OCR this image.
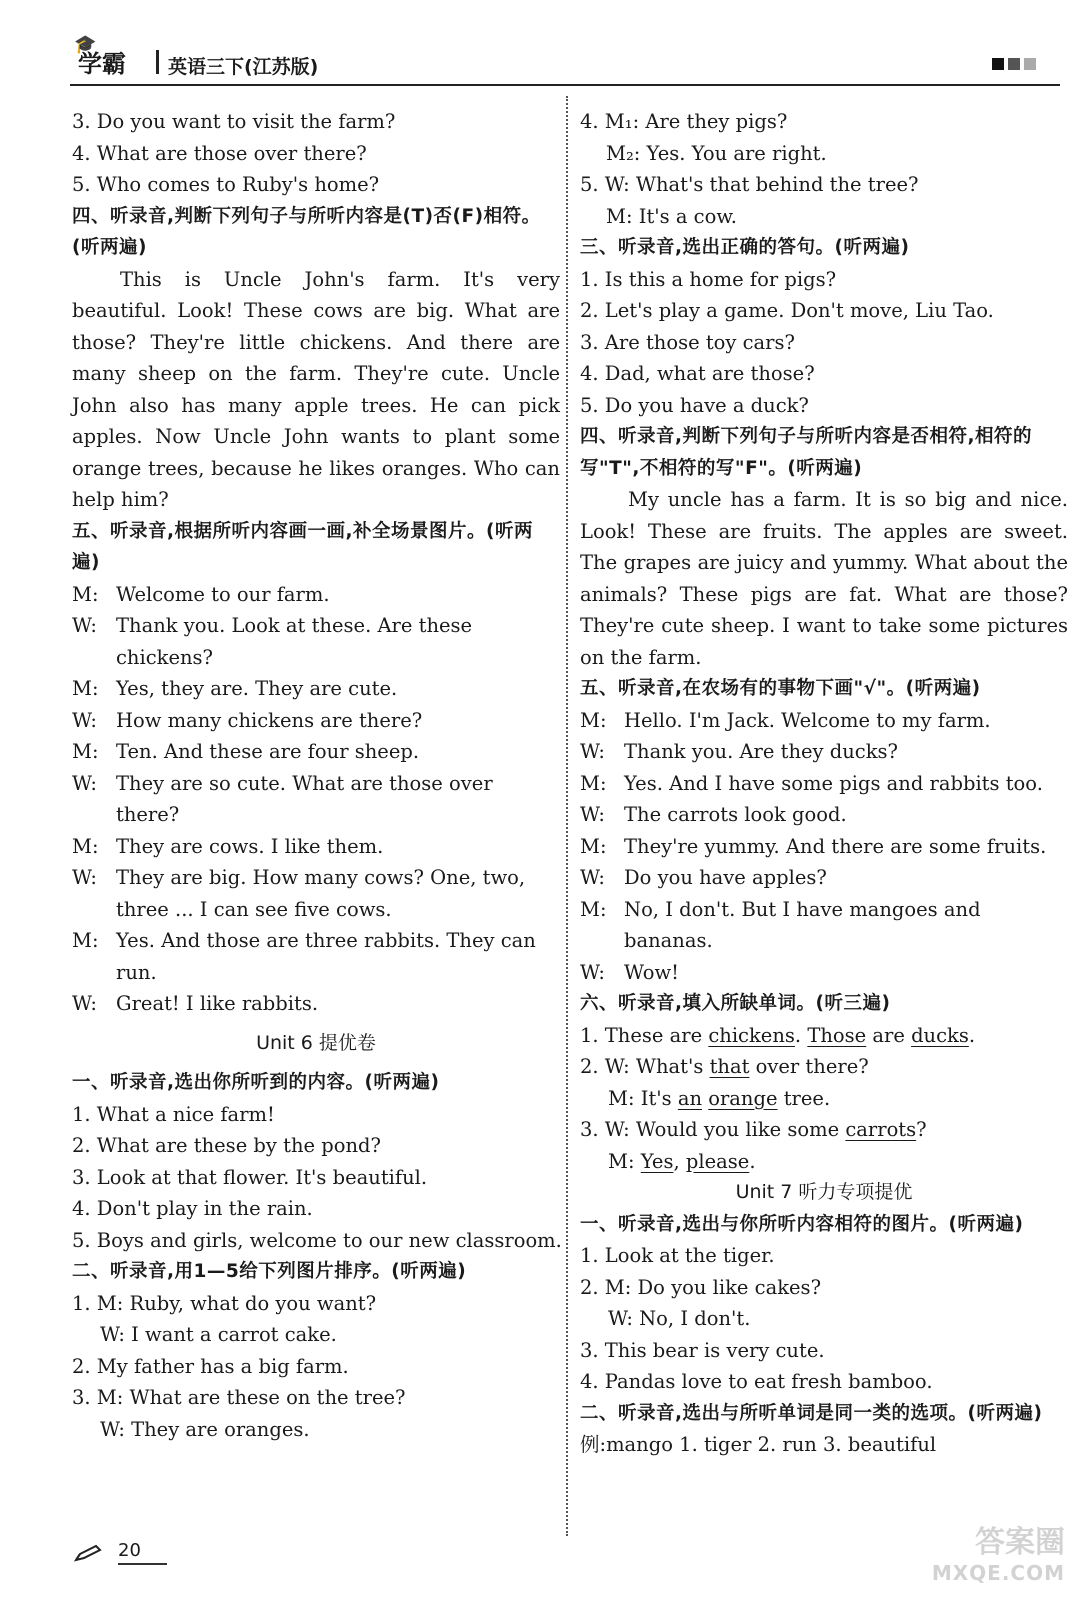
🎓
学霸 英语三下(江苏版)
3. Do you want to visit the farm?
4. What are those over there?
5. Who comes to Ruby's home?
四、听录音,判断下列句子与所听内容是(T)否(F)相符。(听两遍)
This is Uncle John's farm. It's very beautiful. Look! These cows are big. What are those? They're little chickens. And there are many sheep on the farm. They're cute. Uncle John also has many apple trees. He can pick apples. Now Uncle John wants to plant some orange trees, because he likes oranges. Who can help him?
五、听录音,根据所听内容画一画,补全场景图片。(听两遍)
M: Welcome to our farm.
W: Thank you. Look at these. Are these chickens?
M: Yes, they are. They are cute.
W: How many chickens are there?
M: Ten. And these are four sheep.
W: They are so cute. What are those over there?
M: They are cows. I like them.
W: They are big. How many cows? One, two, three ... I can see five cows.
M: Yes. And those are three rabbits. They can run.
W: Great! I like rabbits.
Unit 6 提优卷
一、听录音,选出你所听到的内容。(听两遍)
1. What a nice farm!
2. What are these by the pond?
3. Look at that flower. It's beautiful.
4. Don't play in the rain.
5. Boys and girls, welcome to our new classroom.
二、听录音,用1—5给下列图片排序。(听两遍)
1. M: Ruby, what do you want?
W: I want a carrot cake.
2. My father has a big farm.
3. M: What are these on the tree?
W: They are oranges.
4. M₁: Are they pigs?
M₂: Yes. You are right.
5. W: What's that behind the tree?
M: It's a cow.
三、听录音,选出正确的答句。(听两遍)
1. Is this a home for pigs?
2. Let's play a game. Don't move, Liu Tao.
3. Are those toy cars?
4. Dad, what are those?
5. Do you have a duck?
四、听录音,判断下列句子与所听内容是否相符,相符的写"T",不相符的写"F"。(听两遍)
My uncle has a farm. It is so big and nice. Look! These are fruits. The apples are sweet. The grapes are juicy and yummy. What about the animals? These pigs are fat. What are those? They're cute sheep. I want to take some pictures on the farm.
五、听录音,在农场有的事物下画"√"。(听两遍)
M: Hello. I'm Jack. Welcome to my farm.
W: Thank you. Are they ducks?
M: Yes. And I have some pigs and rabbits too.
W: The carrots look good.
M: They're yummy. And there are some fruits.
W: Do you have apples?
M: No, I don't. But I have mangoes and bananas.
W: Wow!
六、听录音,填入所缺单词。(听三遍)
1. These are chickens. Those are ducks.
2. W: What's that over there?
M: It's an orange tree.
3. W: Would you like some carrots?
M: Yes, please.
Unit 7 听力专项提优
一、听录音,选出与你所听内容相符的图片。(听两遍)
1. Look at the tiger.
2. M: Do you like cakes?
W: No, I don't.
3. This bear is very cute.
4. Pandas love to eat fresh bamboo.
二、听录音,选出与所听单词是同一类的选项。(听两遍)
例:mango 1. tiger 2. run 3. beautiful
20	答案圈
MXQE.COM
